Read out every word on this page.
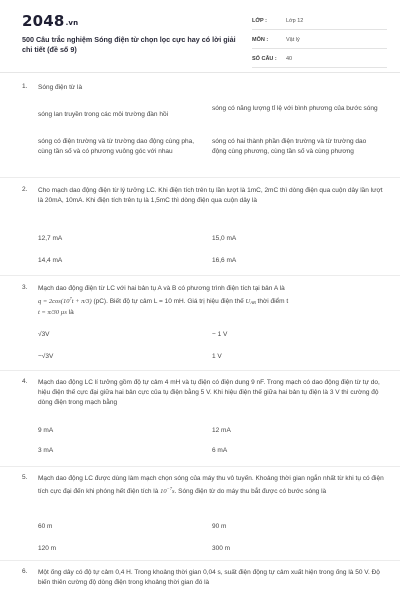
2048.vn
500 Câu trắc nghiệm Sóng điện từ chọn lọc cực hay có lời giải chi tiết (đề số 9)
LỚP :	Lớp 12
MÔN :	Vật lý
SỐ CÂU : 40
1. Sóng điện từ là
sóng lan truyền trong các môi trường đàn hồi
sóng có năng lượng tỉ lệ với bình phương của bước sóng
sóng có điện trường và từ trường dao động cùng pha, cùng tần số và có phương vuông góc với nhau
sóng có hai thành phần điện trường và từ trường dao động cùng phương, cùng tần số và cùng phương
2. Cho mạch dao động điện từ lý tưởng LC. Khi điện tích trên tụ lần lượt là 1mC, 2mC thì dòng điện qua cuộn dây lần lượt là 20mA, 10mA. Khi điện tích trên tụ là 1,5mC thì dòng điện qua cuộn dây là
12,7 mA	15,0 mA
14,4 mA	16,6 mA
3. Mạch dao động điện từ LC với hai bản tụ A và B có phương trình điện tích tại bản A là
$q = 2\cos(10^7t + \pi/3)$ (pC). Biết độ tự cảm L = 10 mH. Giá trị hiệu điện thế $U_{AB}$ thời điểm t
t = π/30 µs là
√3V	− 1 V
−√3V	1 V
4. Mạch dao động LC lí tưởng gồm độ tự cảm 4 mH và tụ điện có điện dung 9 nF. Trong mạch có dao động điện từ tự do, hiệu điện thế cực đại giữa hai bản cực của tụ điện bằng 5 V. Khi hiệu điện thế giữa hai bản tụ điện là 3 V thì cường độ dòng điện trong mạch bằng
9 mA	12 mA
3 mA	6 mA
5. Mạch dao động LC được dùng làm mạch chọn sóng của máy thu vô tuyến. Khoảng thời gian ngắn nhất từ khi tụ có điện tích cực đại đến khi phóng hết điện tích là $10^{-7}s$. Sóng điện từ do máy thu bắt được có bước sóng là
60 m	90 m
120 m	300 m
6. Một ống dây có độ tự cảm 0,4 H. Trong khoảng thời gian 0,04 s, suất điện động tự cảm xuất hiện trong ống là 50 V. Độ biến thiên cường độ dòng điện trong khoảng thời gian đó là
